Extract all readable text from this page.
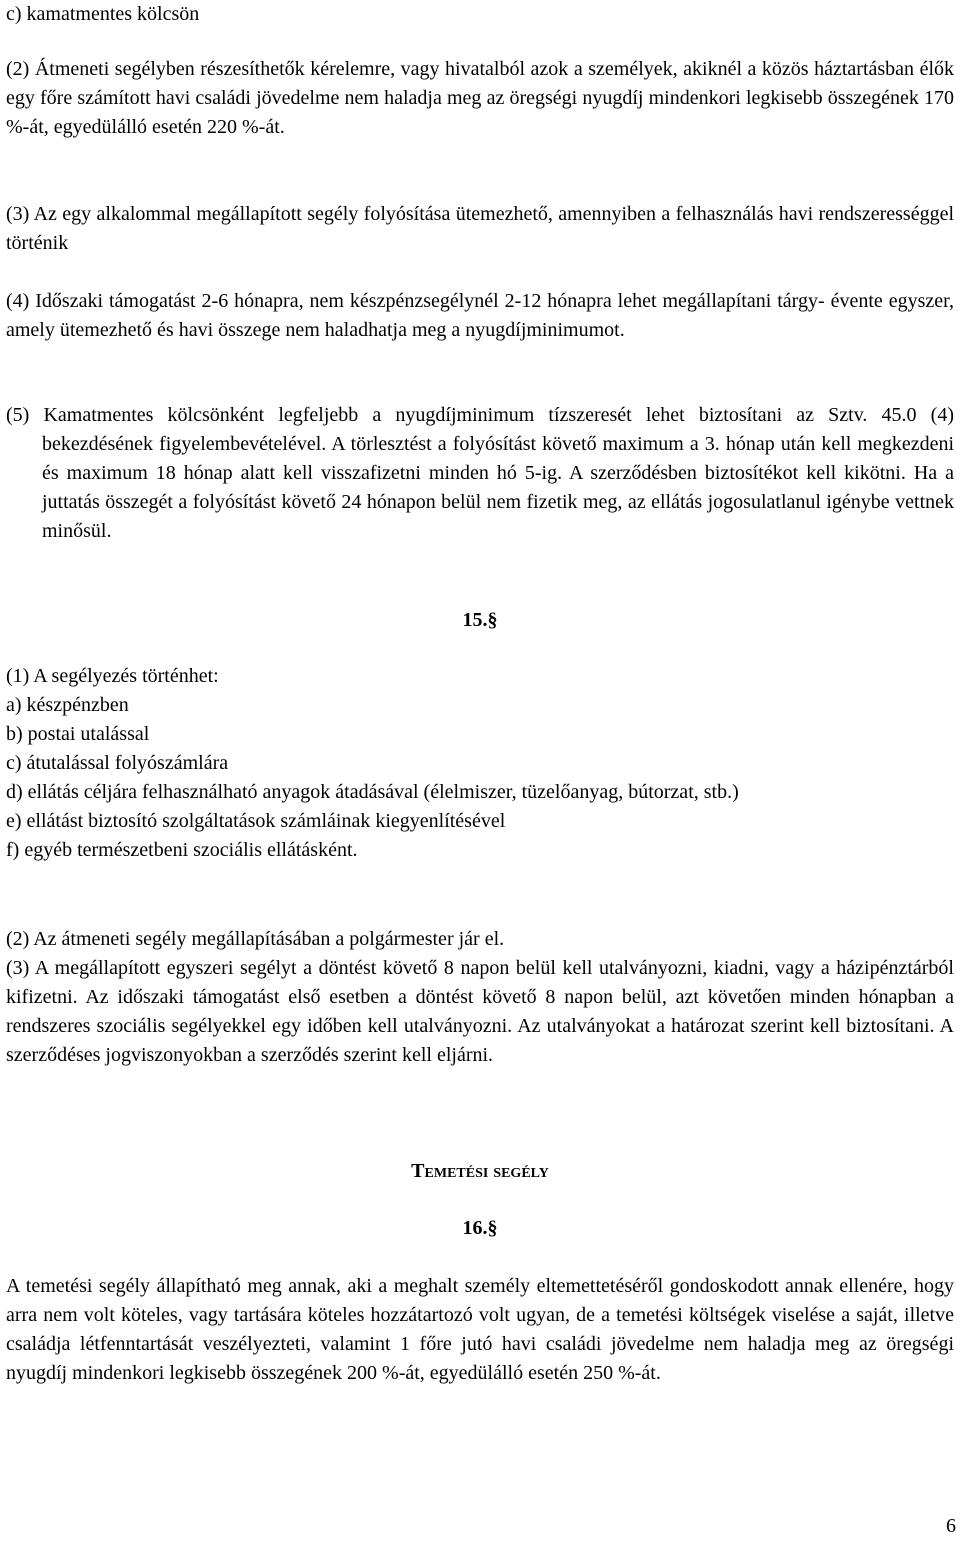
c) kamatmentes kölcsön

(2) Átmeneti segélyben részesíthetők kérelemre, vagy hivatalból azok a személyek, akiknél a közös háztartásban élők egy főre számított havi családi jövedelme nem haladja meg az öregségi nyugdíj mindenkori legkisebb összegének 170 %-át, egyedülálló esetén 220 %-át.

(3) Az egy alkalommal megállapított segély folyósítása ütemezhető, amennyiben a felhasználás havi rendszerességgel történik

(4) Időszaki támogatást 2-6 hónapra, nem készpénzsegélynél 2-12 hónapra lehet megállapítani tárgy- évente egyszer, amely ütemezhető és havi összege nem haladhatja meg a nyugdíjminimumot.

(5) Kamatmentes kölcsönként legfeljebb a nyugdíjminimum tízszeresét lehet biztosítani az Sztv. 45.0 (4) bekezdésének figyelembevételével. A törlesztést a folyósítást követő maximum a 3. hónap után kell megkezdeni és maximum 18 hónap alatt kell visszafizetni minden hó 5-ig. A szerződésben biztosítékot kell kikötni. Ha a juttatás összegét a folyósítást követő 24 hónapon belül nem fizetik meg, az ellátás jogosulatlanul igénybe vettnek minősül.

15.§

(1) A segélyezés történhet:
a) készpénzben
b) postai utalással
c) átutalással folyószámlára
d) ellátás céljára felhasználható anyagok átadásával (élelmiszer, tüzelőanyag, bútorzat, stb.)
e) ellátást biztosító szolgáltatások számláinak kiegyenlítésével
f) egyéb természetbeni szociális ellátásként.

(2) Az átmeneti segély megállapításában a polgármester jár el.

(3) A megállapított egyszeri segélyt a döntést követő 8 napon belül kell utalványozni, kiadni, vagy a házipénztárból kifizetni. Az időszaki támogatást első esetben a döntést követő 8 napon belül, azt követően minden hónapban a rendszeres szociális segélyekkel egy időben kell utalványozni. Az utalványokat a határozat szerint kell biztosítani. A szerződéses jogviszonyokban a szerződés szerint kell eljárni.

Temetési segély

16.§

A temetési segély állapítható meg annak, aki a meghalt személy eltemettetéséről gondoskodott annak ellenére, hogy arra nem volt köteles, vagy tartására köteles hozzátartozó volt ugyan, de a temetési költségek viselése a saját, illetve családja létfenntartását veszélyezteti, valamint 1 főre jutó havi családi jövedelme nem haladja meg az öregségi nyugdíj mindenkori legkisebb összegének 200 %-át, egyedülálló esetén 250 %-át.

6
